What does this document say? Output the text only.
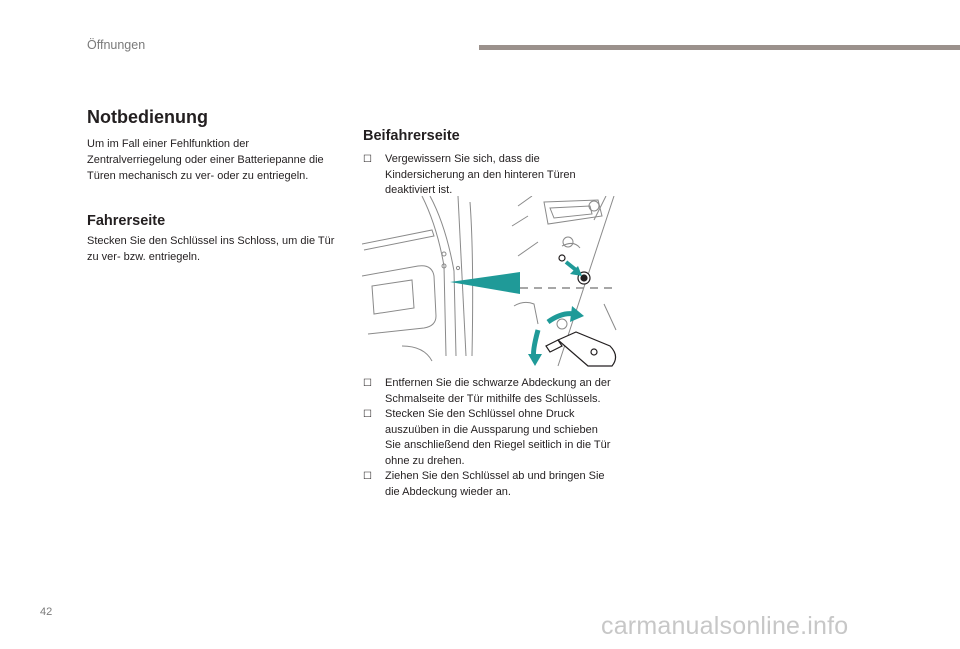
Öffnungen
Notbedienung

Um im Fall einer Fehlfunktion der Zentralverriegelung oder einer Batteriepanne die Türen mechanisch zu ver- oder zu entriegeln.

Fahrerseite

Stecken Sie den Schlüssel ins Schloss, um die Tür zu ver- bzw. entriegeln.

Beifahrerseite
☐ Vergewissern Sie sich, dass die Kindersicherung an den hinteren Türen deaktiviert ist.
☐ Entfernen Sie die schwarze Abdeckung an der Schmalseite der Tür mithilfe des Schlüssels.
☐ Stecken Sie den Schlüssel ohne Druck auszuüben in die Aussparung und schieben Sie anschließend den Riegel seitlich in die Tür ohne zu drehen.
☐ Ziehen Sie den Schlüssel ab und bringen Sie die Abdeckung wieder an.
42	carmanualsonline.info
